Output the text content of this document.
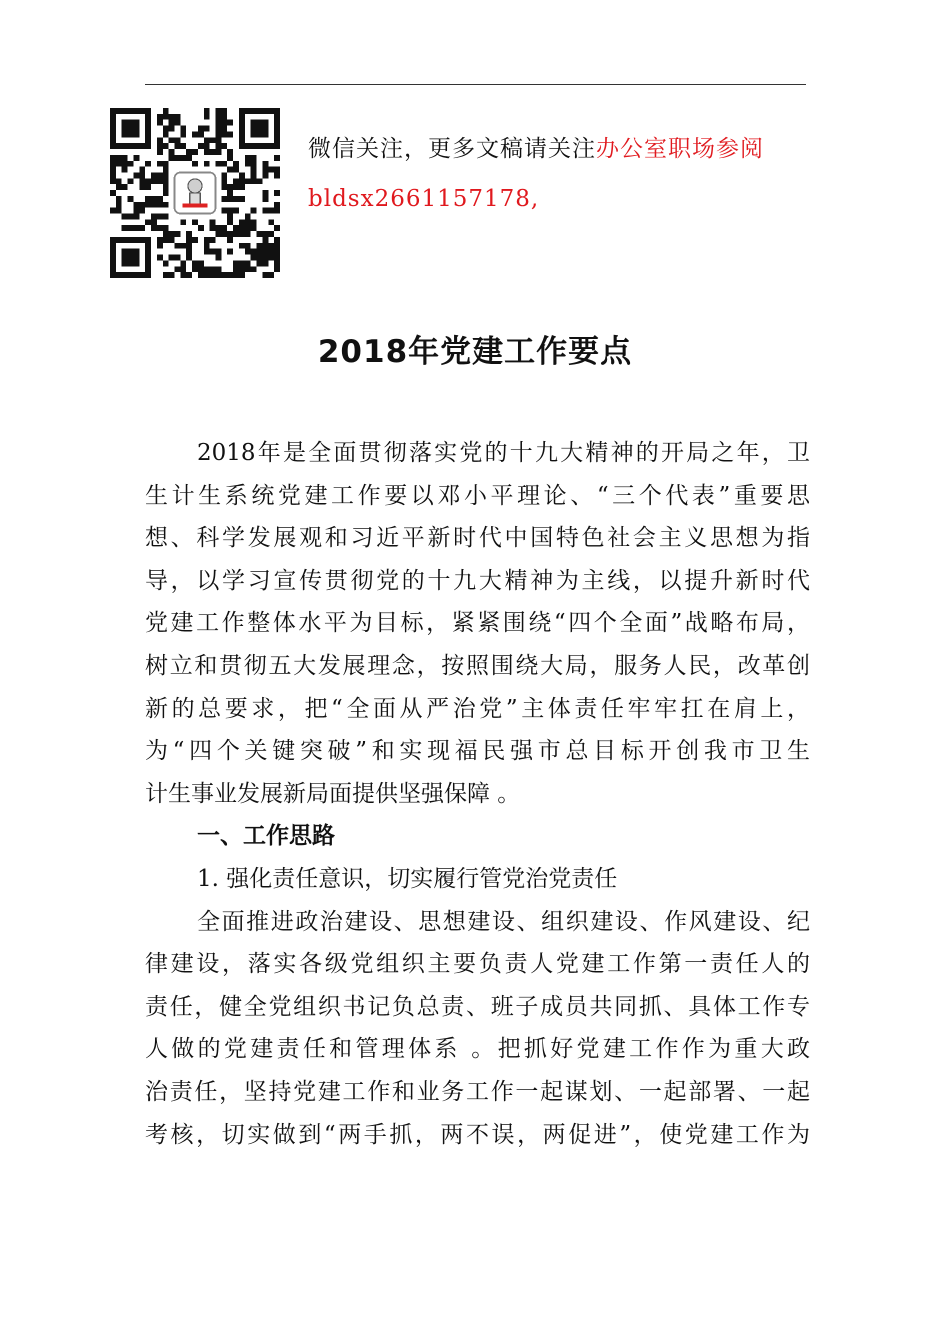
微信关注，更多文稿请关注办公室职场参阅
bldsx2661157178,
2018年党建工作要点
2018年是全面贯彻落实党的十九大精神的开局之年，卫
生计生系统党建工作要以邓小平理论、“三个代表”重要思
想、科学发展观和习近平新时代中国特色社会主义思想为指
导，以学习宣传贯彻党的十九大精神为主线，以提升新时代
党建工作整体水平为目标，紧紧围绕“四个全面”战略布局，
树立和贯彻五大发展理念，按照围绕大局，服务人民，改革创
新的总要求，把“全面从严治党”主体责任牢牢扛在肩上，
为“四个关键突破”和实现福民强市总目标开创我市卫生
计生事业发展新局面提供坚强保障 。
一、工作思路
1. 强化责任意识，切实履行管党治党责任
全面推进政治建设、思想建设、组织建设、作风建设、纪
律建设，落实各级党组织主要负责人党建工作第一责任人的
责任，健全党组织书记负总责、班子成员共同抓、具体工作专
人做的党建责任和管理体系 。把抓好党建工作作为重大政
治责任，坚持党建工作和业务工作一起谋划、一起部署、一起
考核，切实做到“两手抓，两不误，两促进”，使党建工作为
